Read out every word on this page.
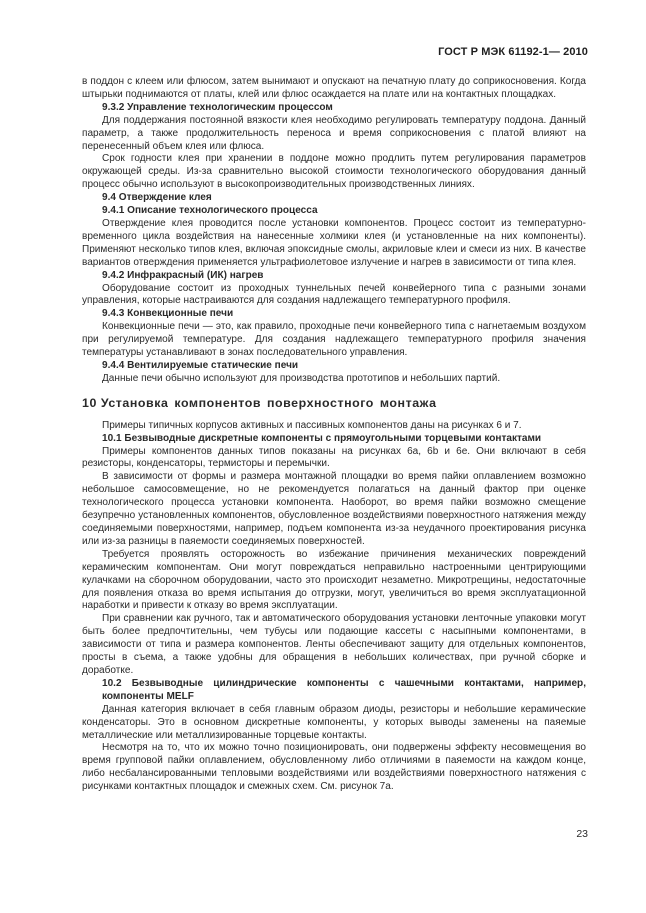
ГОСТ Р МЭК 61192-1— 2010

в поддон с клеем или флюсом, затем вынимают и опускают на печатную плату до соприкосновения. Когда штырьки поднимаются от платы, клей или флюс осаждается на плате или на контактных площадках.

9.3.2 Управление технологическим процессом

Для поддержания постоянной вязкости клея необходимо регулировать температуру поддона. Данный параметр, а также продолжительность переноса и время соприкосновения с платой влияют на перенесенный объем клея или флюса.

Срок годности клея при хранении в поддоне можно продлить путем регулирования параметров окружающей среды. Из-за сравнительно высокой стоимости технологического оборудования данный процесс обычно используют в высокопроизводительных производственных линиях.

9.4 Отверждение клея

9.4.1 Описание технологического процесса

Отверждение клея проводится после установки компонентов. Процесс состоит из температурно-временного цикла воздействия на нанесенные холмики клея (и установленные на них компоненты). Применяют несколько типов клея, включая эпоксидные смолы, акриловые клеи и смеси из них. В качестве вариантов отверждения применяется ультрафиолетовое излучение и нагрев в зависимости от типа клея.

9.4.2 Инфракрасный (ИК) нагрев

Оборудование состоит из проходных туннельных печей конвейерного типа с разными зонами управления, которые настраиваются для создания надлежащего температурного профиля.

9.4.3 Конвекционные печи

Конвекционные печи — это, как правило, проходные печи конвейерного типа с нагнетаемым воздухом при регулируемой температуре. Для создания надлежащего температурного профиля значения температуры устанавливают в зонах последовательного управления.

9.4.4 Вентилируемые статические печи

Данные печи обычно используют для производства прототипов и небольших партий.

10 Установка компонентов поверхностного монтажа

Примеры типичных корпусов активных и пассивных компонентов даны на рисунках 6 и 7.

10.1 Безвыводные дискретные компоненты с прямоугольными торцевыми контактами

Примеры компонентов данных типов показаны на рисунках 6а, 6b и 6е. Они включают в себя резисторы, конденсаторы, термисторы и перемычки.

В зависимости от формы и размера монтажной площадки во время пайки оплавлением возможно небольшое самосовмещение, но не рекомендуется полагаться на данный фактор при оценке технологического процесса установки компонента. Наоборот, во время пайки возможно смещение безупречно установленных компонентов, обусловленное воздействиями поверхностного натяжения между соединяемыми поверхностями, например, подъем компонента из-за неудачного проектирования рисунка или из-за разницы в паяемости соединяемых поверхностей.

Требуется проявлять осторожность во избежание причинения механических повреждений керамическим компонентам. Они могут повреждаться неправильно настроенными центрирующими кулачками на сборочном оборудовании, часто это происходит незаметно. Микротрещины, недостаточные для появления отказа во время испытания до отгрузки, могут, увеличиться во время эксплуатационной наработки и привести к отказу во время эксплуатации.

При сравнении как ручного, так и автоматического оборудования установки ленточные упаковки могут быть более предпочтительны, чем тубусы или подающие кассеты с насыпными компонентами, в зависимости от типа и размера компонентов. Ленты обеспечивают защиту для отдельных компонентов, просты в съема, а также удобны для обращения в небольших количествах, при ручной сборке и доработке.

10.2 Безвыводные цилиндрические компоненты с чашечными контактами, например, компоненты MELF

Данная категория включает в себя главным образом диоды, резисторы и небольшие керамические конденсаторы. Это в основном дискретные компоненты, у которых выводы заменены на паяемые металлические или металлизированные торцевые контакты.

Несмотря на то, что их можно точно позиционировать, они подвержены эффекту несовмещения во время групповой пайки оплавлением, обусловленному либо отличиями в паяемости на каждом конце, либо несбалансированными тепловыми воздействиями или воздействиями поверхностного натяжения с рисунками контактных площадок и смежных схем. См. рисунок 7а.

23
